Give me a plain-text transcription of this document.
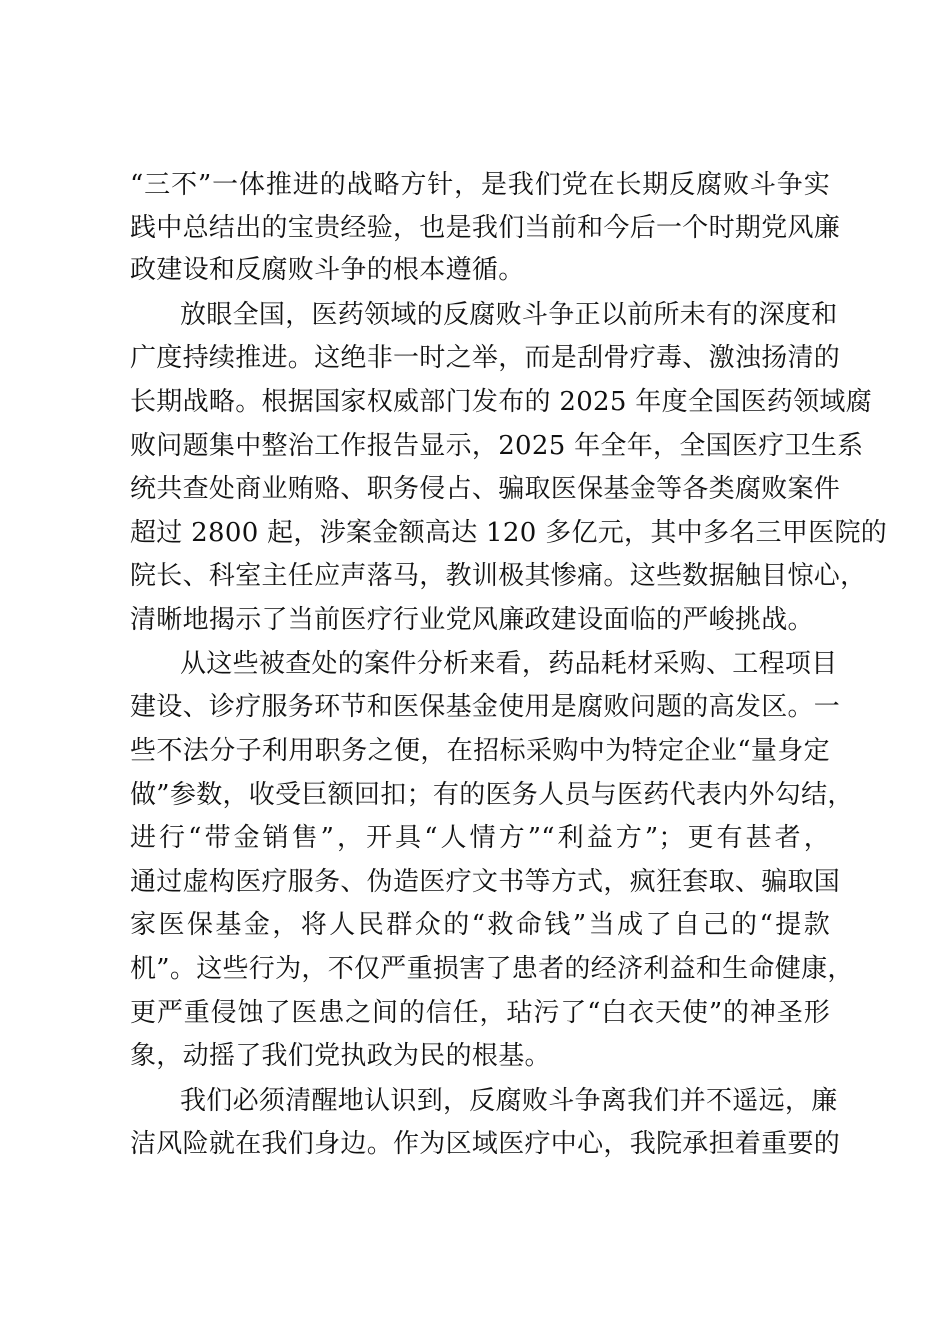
“三不”一体推进的战略方针，是我们党在长期反腐败斗争实
践中总结出的宝贵经验，也是我们当前和今后一个时期党风廉
政建设和反腐败斗争的根本遵循。
放眼全国，医药领域的反腐败斗争正以前所未有的深度和
广度持续推进。这绝非一时之举，而是刮骨疗毒、激浊扬清的
长期战略。根据国家权威部门发布的 2025 年度全国医药领域腐
败问题集中整治工作报告显示，2025 年全年，全国医疗卫生系
统共查处商业贿赂、职务侵占、骗取医保基金等各类腐败案件
超过 2800 起，涉案金额高达 120 多亿元，其中多名三甲医院的
院长、科室主任应声落马，教训极其惨痛。这些数据触目惊心，
清晰地揭示了当前医疗行业党风廉政建设面临的严峻挑战。
从这些被查处的案件分析来看，药品耗材采购、工程项目
建设、诊疗服务环节和医保基金使用是腐败问题的高发区。一
些不法分子利用职务之便，在招标采购中为特定企业“量身定
做”参数，收受巨额回扣；有的医务人员与医药代表内外勾结，
进行“带金销售”，开具“人情方”“利益方”；更有甚者，
通过虚构医疗服务、伪造医疗文书等方式，疯狂套取、骗取国
家医保基金，将人民群众的“救命钱”当成了自己的“提款
机”。这些行为，不仅严重损害了患者的经济利益和生命健康，
更严重侵蚀了医患之间的信任，玷污了“白衣天使”的神圣形
象，动摇了我们党执政为民的根基。
我们必须清醒地认识到，反腐败斗争离我们并不遥远，廉
洁风险就在我们身边。作为区域医疗中心，我院承担着重要的
